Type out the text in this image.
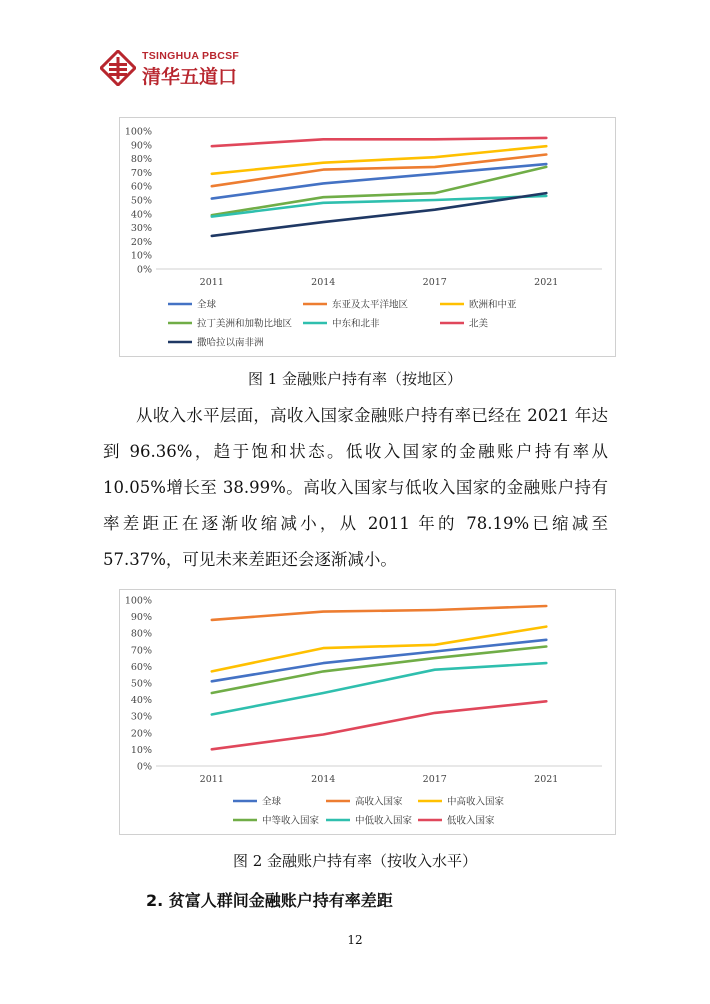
TSINGHUA PBCSF
清华五道口
0%
10%
20%
30%
40%
50%
60%
70%
80%
90%
100%
2011	2014	2017	2021
全球	东亚及太平洋地区	欧洲和中亚
拉丁美洲和加勒比地区	中东和北非	北美
撒哈拉以南非洲
图 1 金融账户持有率（按地区）

从收入水平层面，高收入国家金融账户持有率已经在 2021 年达到 96.36%，趋于饱和状态。低收入国家的金融账户持有率从 10.05%增长至 38.99%。高收入国家与低收入国家的金融账户持有率差距正在逐渐收缩减小，从 2011 年的 78.19%已缩减至 57.37%，可见未来差距还会逐渐减小。

0%
10%
20%
30%
40%
50%
60%
70%
80%
90%
100%
2011	2014	2017	2021
全球	高收入国家	中高收入国家
中等收入国家	中低收入国家	低收入国家
图 2 金融账户持有率（按收入水平）
2. 贫富人群间金融账户持有率差距
12
